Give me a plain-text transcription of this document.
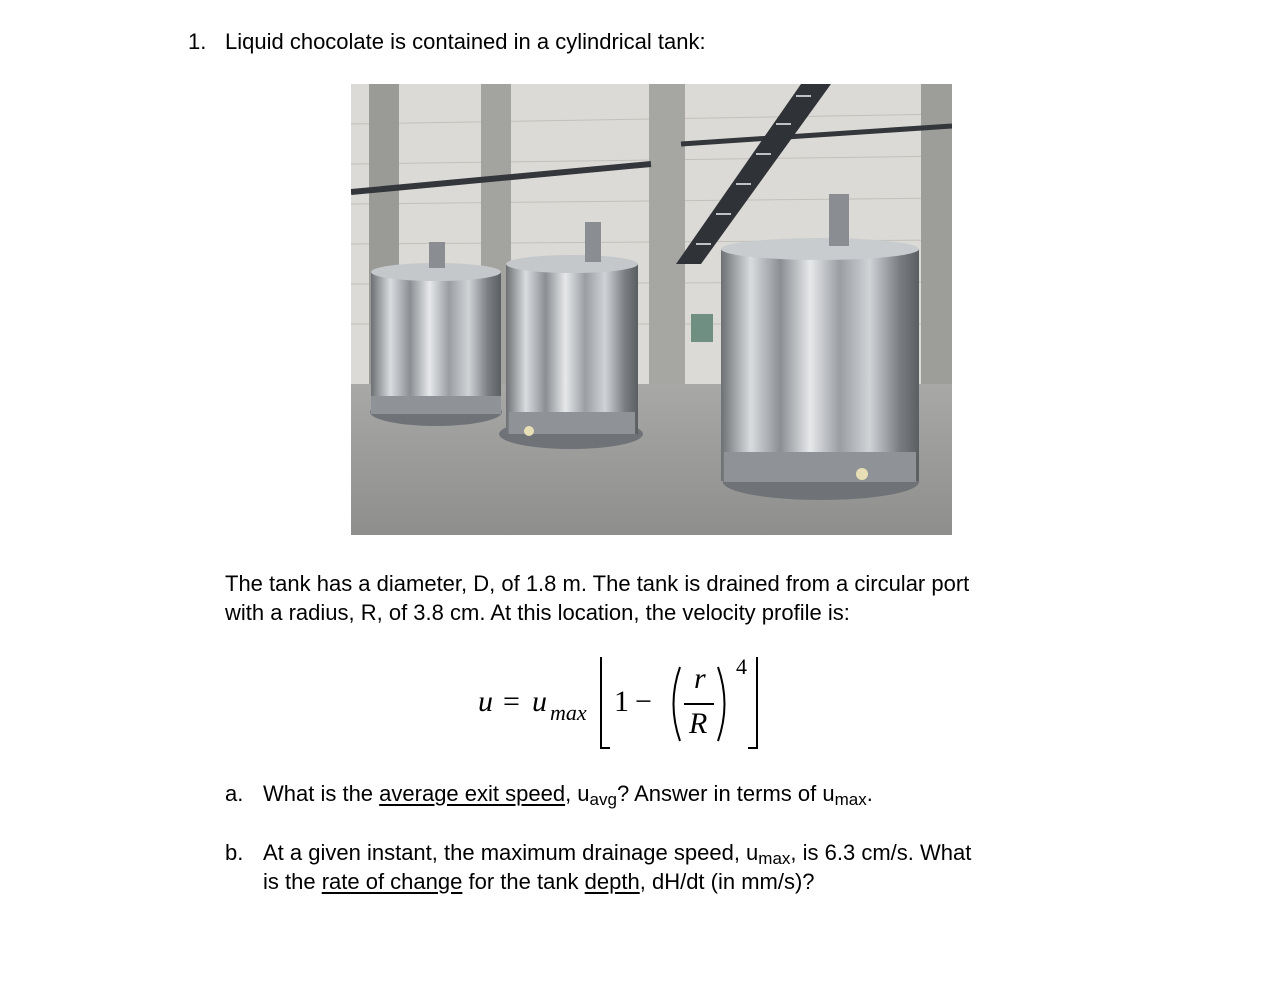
1. Liquid chocolate is contained in a cylindrical tank:
The tank has a diameter, D, of 1.8 m. The tank is drained from a circular port
with a radius, R, of 3.8 cm. At this location, the velocity profile is:
u = u max 1 −
r
R
4
a. What is the average exit speed, $u_{avg}$? Answer in terms of $u_{max}$.
b. At a given instant, the maximum drainage speed, $u_{max}$, is 6.3 cm/s. What
is the rate of change for the tank depth, dH/dt (in mm/s)?
